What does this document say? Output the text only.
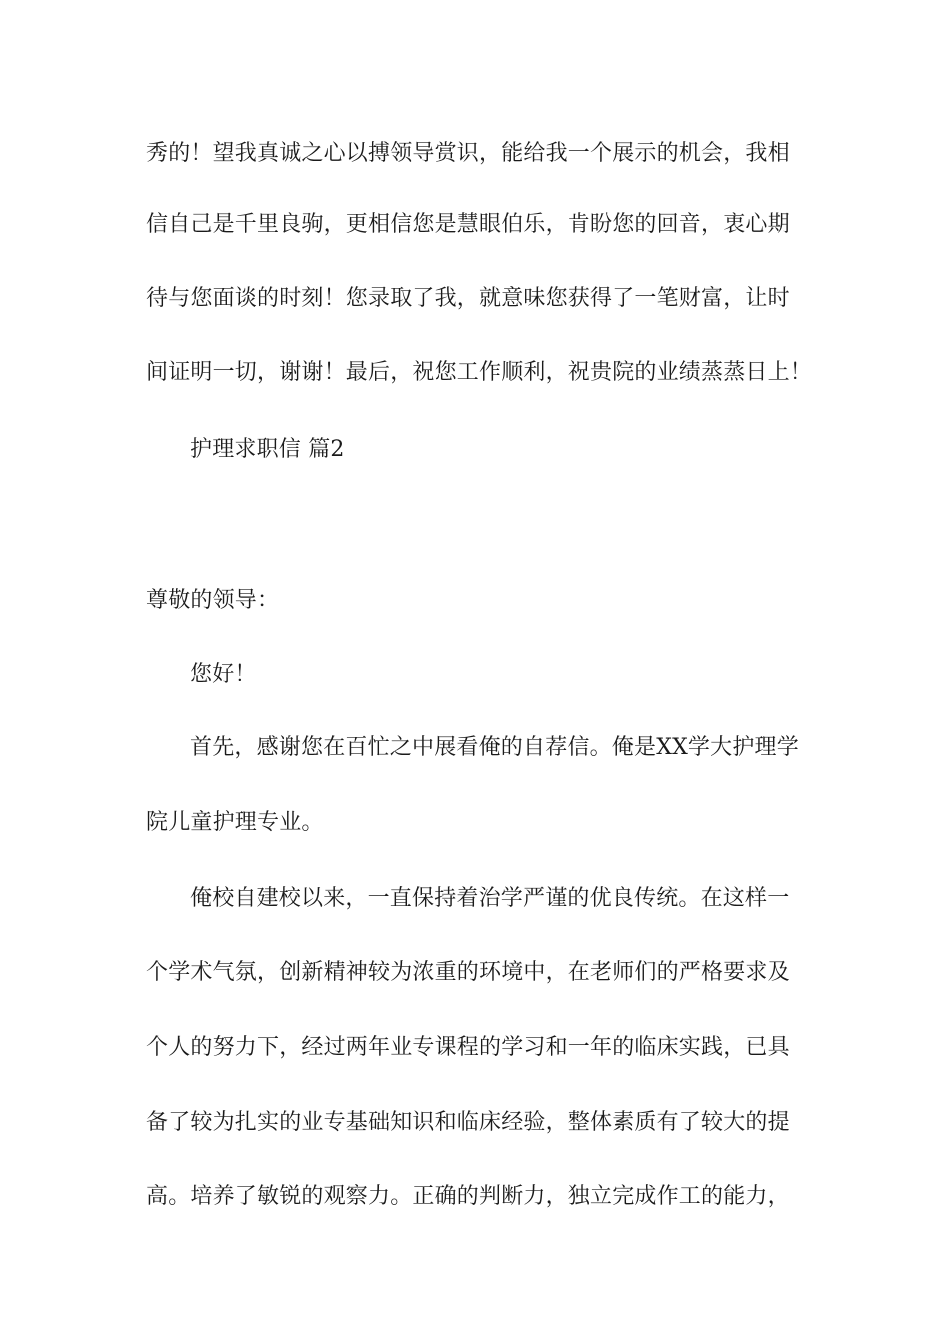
秀的！望我真诚之心以搏领导赏识，能给我一个展示的机会，我相
信自己是千里良驹，更相信您是慧眼伯乐，肯盼您的回音，衷心期
待与您面谈的时刻！您录取了我，就意味您获得了一笔财富，让时
间证明一切，谢谢！最后，祝您工作顺利，祝贵院的业绩蒸蒸日上！
护理求职信 篇2
尊敬的领导：
您好！
首先，感谢您在百忙之中展看俺的自荐信。俺是XX学大护理学
院儿童护理专业。
俺校自建校以来，一直保持着治学严谨的优良传统。在这样一
个学术气氛，创新精神较为浓重的环境中，在老师们的严格要求及
个人的努力下，经过两年业专课程的学习和一年的临床实践，已具
备了较为扎实的业专基础知识和临床经验，整体素质有了较大的提
高。培养了敏锐的观察力。正确的判断力，独立完成作工的能力，
